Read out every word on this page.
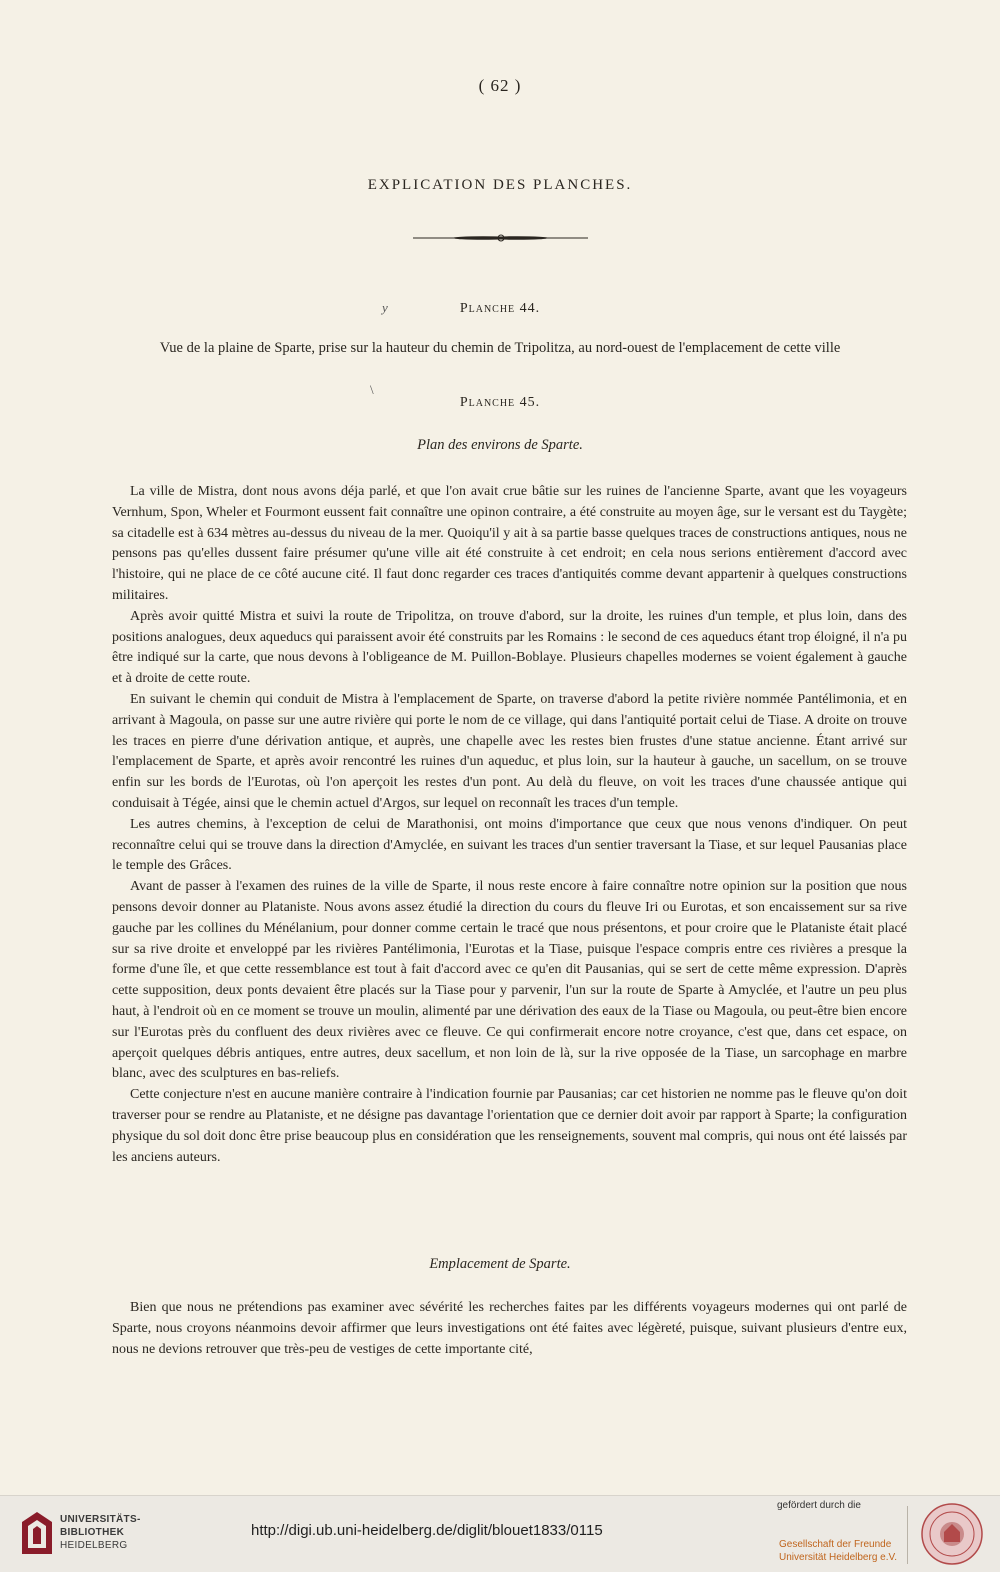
( 62 )
EXPLICATION DES PLANCHES.
y	Planche 44.
Vue de la plaine de Sparte, prise sur la hauteur du chemin de Tripolitza, au nord-ouest de l'emplacement de cette ville
\
Planche 45.
Plan des environs de Sparte.

La ville de Mistra, dont nous avons déja parlé, et que l'on avait crue bâtie sur les ruines de l'ancienne Sparte, avant que les voyageurs Vernhum, Spon, Wheler et Fourmont eussent fait connaître une opinon contraire, a été construite au moyen âge, sur le versant est du Taygète; sa citadelle est à 634 mètres au-dessus du niveau de la mer. Quoiqu'il y ait à sa partie basse quelques traces de constructions antiques, nous ne pensons pas qu'elles dussent faire présumer qu'une ville ait été construite à cet endroit; en cela nous serions entièrement d'accord avec l'histoire, qui ne place de ce côté aucune cité. Il faut donc regarder ces traces d'antiquités comme devant appartenir à quelques constructions militaires.

Après avoir quitté Mistra et suivi la route de Tripolitza, on trouve d'abord, sur la droite, les ruines d'un temple, et plus loin, dans des positions analogues, deux aqueducs qui paraissent avoir été construits par les Romains : le second de ces aqueducs étant trop éloigné, il n'a pu être indiqué sur la carte, que nous devons à l'obligeance de M. Puillon-Boblaye. Plusieurs chapelles modernes se voient également à gauche et à droite de cette route.

En suivant le chemin qui conduit de Mistra à l'emplacement de Sparte, on traverse d'abord la petite rivière nommée Pantélimonia, et en arrivant à Magoula, on passe sur une autre rivière qui porte le nom de ce village, qui dans l'antiquité portait celui de Tiase. A droite on trouve les traces en pierre d'une dérivation antique, et auprès, une chapelle avec les restes bien frustes d'une statue ancienne. Étant arrivé sur l'emplacement de Sparte, et après avoir rencontré les ruines d'un aqueduc, et plus loin, sur la hauteur à gauche, un sacellum, on se trouve enfin sur les bords de l'Eurotas, où l'on aperçoit les restes d'un pont. Au delà du fleuve, on voit les traces d'une chaussée antique qui conduisait à Tégée, ainsi que le chemin actuel d'Argos, sur lequel on reconnaît les traces d'un temple.

Les autres chemins, à l'exception de celui de Marathonisi, ont moins d'importance que ceux que nous venons d'indiquer. On peut reconnaître celui qui se trouve dans la direction d'Amyclée, en suivant les traces d'un sentier traversant la Tiase, et sur lequel Pausanias place le temple des Grâces.

Avant de passer à l'examen des ruines de la ville de Sparte, il nous reste encore à faire connaître notre opinion sur la position que nous pensons devoir donner au Plataniste. Nous avons assez étudié la direction du cours du fleuve Iri ou Eurotas, et son encaissement sur sa rive gauche par les collines du Ménélanium, pour donner comme certain le tracé que nous présentons, et pour croire que le Plataniste était placé sur sa rive droite et enveloppé par les rivières Pantélimonia, l'Eurotas et la Tiase, puisque l'espace compris entre ces rivières a presque la forme d'une île, et que cette ressemblance est tout à fait d'accord avec ce qu'en dit Pausanias, qui se sert de cette même expression. D'après cette supposition, deux ponts devaient être placés sur la Tiase pour y parvenir, l'un sur la route de Sparte à Amyclée, et l'autre un peu plus haut, à l'endroit où en ce moment se trouve un moulin, alimenté par une dérivation des eaux de la Tiase ou Magoula, ou peut-être bien encore sur l'Eurotas près du confluent des deux rivières avec ce fleuve. Ce qui confirmerait encore notre croyance, c'est que, dans cet espace, on aperçoit quelques débris antiques, entre autres, deux sacellum, et non loin de là, sur la rive opposée de la Tiase, un sarcophage en marbre blanc, avec des sculptures en bas-reliefs.

Cette conjecture n'est en aucune manière contraire à l'indication fournie par Pausanias; car cet historien ne nomme pas le fleuve qu'on doit traverser pour se rendre au Plataniste, et ne désigne pas davantage l'orientation que ce dernier doit avoir par rapport à Sparte; la configuration physique du sol doit donc être prise beaucoup plus en considération que les renseignements, souvent mal compris, qui nous ont été laissés par les anciens auteurs.

Emplacement de Sparte.

Bien que nous ne prétendions pas examiner avec sévérité les recherches faites par les différents voyageurs modernes qui ont parlé de Sparte, nous croyons néanmoins devoir affirmer que leurs investigations ont été faites avec légèreté, puisque, suivant plusieurs d'entre eux, nous ne devions retrouver que très-peu de vestiges de cette importante cité,

UNIVERSITÄTS-
BIBLIOTHEK
HEIDELBERG
http://digi.ub.uni-heidelberg.de/diglit/blouet1833/0115
gefördert durch die
Gesellschaft der Freunde
Universität Heidelberg e.V.
